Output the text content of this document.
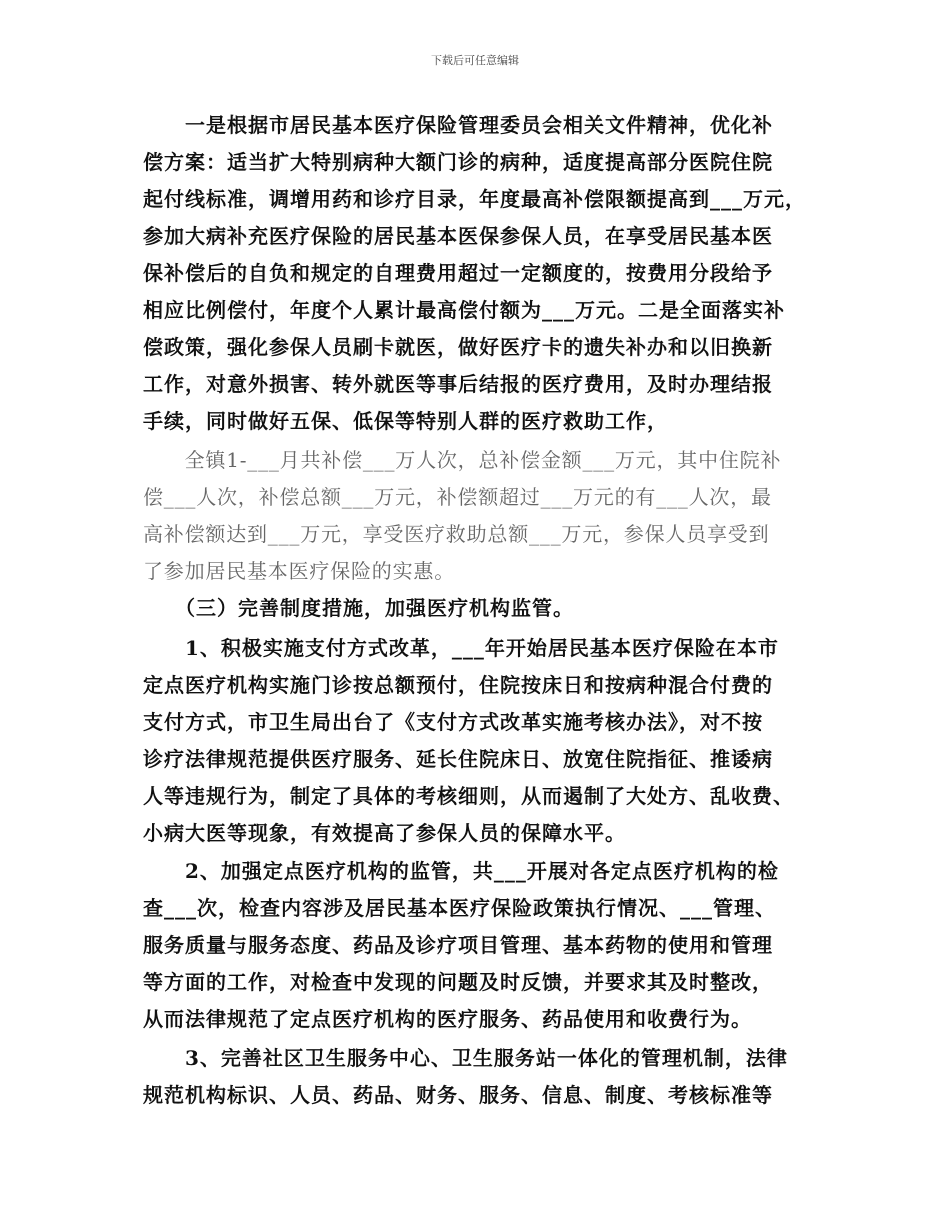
下载后可任意编辑
　　一是根据市居民基本医疗保险管理委员会相关文件精神，优化补
偿方案：适当扩大特别病种大额门诊的病种，适度提高部分医院住院
起付线标准，调增用药和诊疗目录，年度最高补偿限额提高到___万元，
参加大病补充医疗保险的居民基本医保参保人员，在享受居民基本医
保补偿后的自负和规定的自理费用超过一定额度的，按费用分段给予
相应比例偿付，年度个人累计最高偿付额为___万元。二是全面落实补
偿政策，强化参保人员刷卡就医，做好医疗卡的遗失补办和以旧换新
工作，对意外损害、转外就医等事后结报的医疗费用，及时办理结报
手续，同时做好五保、低保等特别人群的医疗救助工作，
　　全镇1-___月共补偿___万人次，总补偿金额___万元，其中住院补
偿___人次，补偿总额___万元，补偿额超过___万元的有___人次，最
高补偿额达到___万元，享受医疗救助总额___万元，参保人员享受到
了参加居民基本医疗保险的实惠。
　　（三）完善制度措施，加强医疗机构监管。
　　1、积极实施支付方式改革，___年开始居民基本医疗保险在本市
定点医疗机构实施门诊按总额预付，住院按床日和按病种混合付费的
支付方式，市卫生局出台了《支付方式改革实施考核办法》，对不按
诊疗法律规范提供医疗服务、延长住院床日、放宽住院指征、推诿病
人等违规行为，制定了具体的考核细则，从而遏制了大处方、乱收费、
小病大医等现象，有效提高了参保人员的保障水平。
　　2、加强定点医疗机构的监管，共___开展对各定点医疗机构的检
查___次，检查内容涉及居民基本医疗保险政策执行情况、___管理、
服务质量与服务态度、药品及诊疗项目管理、基本药物的使用和管理
等方面的工作，对检查中发现的问题及时反馈，并要求其及时整改，
从而法律规范了定点医疗机构的医疗服务、药品使用和收费行为。
　　3、完善社区卫生服务中心、卫生服务站一体化的管理机制，法律
规范机构标识、人员、药品、财务、服务、信息、制度、考核标准等
